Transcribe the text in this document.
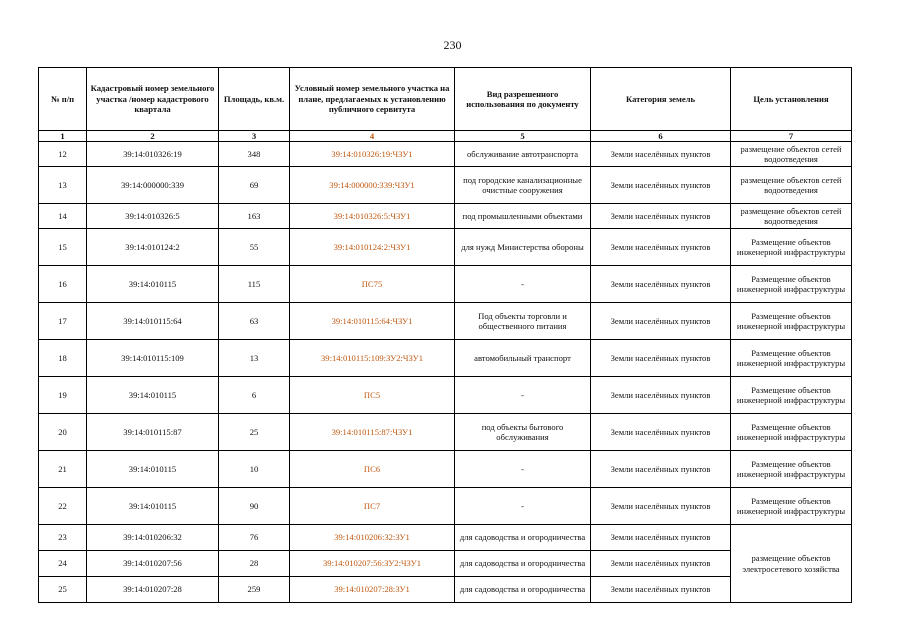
230
№ п/п	Кадастровый номер земельного участка /номер кадастрового квартала	Площадь, кв.м.	Условный номер земельного участка на плане, предлагаемых к установлению публичного сервитута	Вид разрешенного использования по документу	Категория земель	Цель установления
1	2	3	4	5	6	7
12	39:14:010326:19	348	39:14:010326:19:ЧЗУ1	обслуживание автотранспорта	Земли населённых пунктов	размещение объектов сетей водоотведения
13	39:14:000000:339	69	39:14:000000:339:ЧЗУ1	под городские канализационные очистные сооружения	Земли населённых пунктов	размещение объектов сетей водоотведения
14	39:14:010326:5	163	39:14:010326:5:ЧЗУ1	под промышленными объектами	Земли населённых пунктов	размещение объектов сетей водоотведения
15	39:14:010124:2	55	39:14:010124:2:ЧЗУ1	для нужд Министерства обороны	Земли населённых пунктов	Размещение объектов инженерной инфраструктуры
16	39:14:010115	115	ПС75	-	Земли населённых пунктов	Размещение объектов инженерной инфраструктуры
17	39:14:010115:64	63	39:14:010115:64:ЧЗУ1	Под объекты торговли и общественного питания	Земли населённых пунктов	Размещение объектов инженерной инфраструктуры
18	39:14:010115:109	13	39:14:010115:109:ЗУ2:ЧЗУ1	автомобильный транспорт	Земли населённых пунктов	Размещение объектов инженерной инфраструктуры
19	39:14:010115	6	ПС5	-	Земли населённых пунктов	Размещение объектов инженерной инфраструктуры
20	39:14:010115:87	25	39:14:010115:87:ЧЗУ1	под объекты бытового обслуживания	Земли населённых пунктов	Размещение объектов инженерной инфраструктуры
21	39:14:010115	10	ПС6	-	Земли населённых пунктов	Размещение объектов инженерной инфраструктуры
22	39:14:010115	90	ПС7	-	Земли населённых пунктов	Размещение объектов инженерной инфраструктуры
23	39:14:010206:32	76	39:14:010206:32:ЗУ1	для садоводства и огородничества	Земли населённых пунктов	размещение объектов электросетевого хозяйства
24	39:14:010207:56	28	39:14:010207:56:ЗУ2:ЧЗУ1	для садоводства и огородничества	Земли населённых пунктов	
25	39:14:010207:28	259	39:14:010207:28:ЗУ1	для садоводства и огородничества	Земли населённых пунктов	
